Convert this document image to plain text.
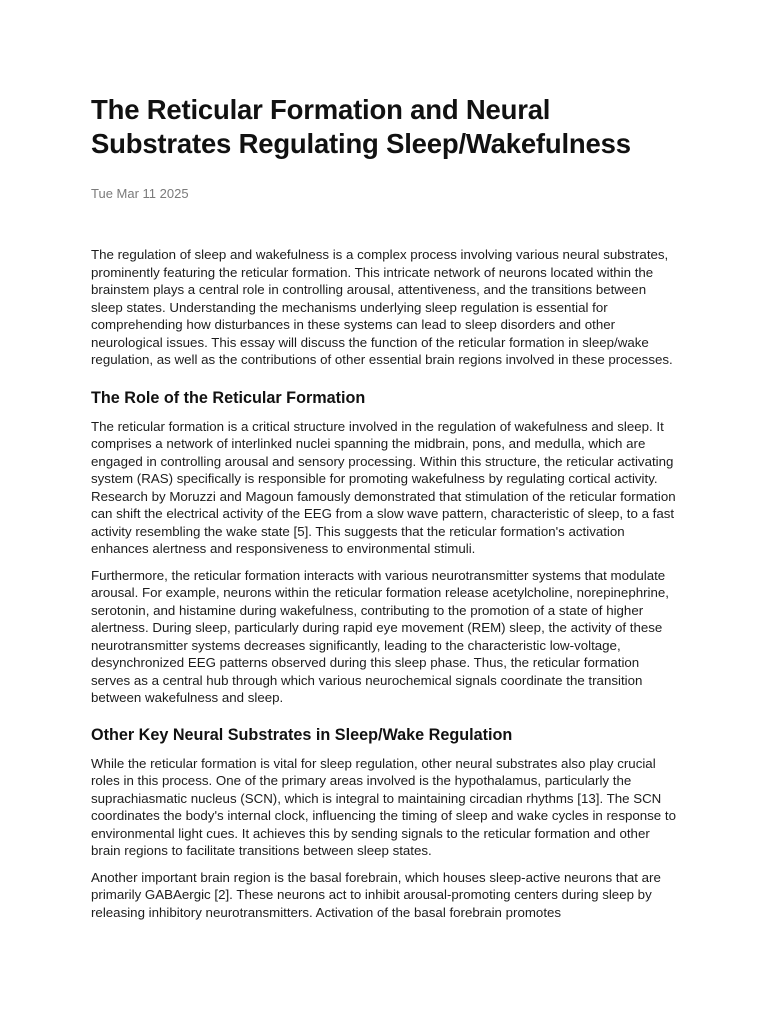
The Reticular Formation and Neural Substrates Regulating Sleep/Wakefulness
Tue Mar 11 2025

The regulation of sleep and wakefulness is a complex process involving various neural substrates, prominently featuring the reticular formation. This intricate network of neurons located within the brainstem plays a central role in controlling arousal, attentiveness, and the transitions between sleep states. Understanding the mechanisms underlying sleep regulation is essential for comprehending how disturbances in these systems can lead to sleep disorders and other neurological issues. This essay will discuss the function of the reticular formation in sleep/wake regulation, as well as the contributions of other essential brain regions involved in these processes.

The Role of the Reticular Formation

The reticular formation is a critical structure involved in the regulation of wakefulness and sleep. It comprises a network of interlinked nuclei spanning the midbrain, pons, and medulla, which are engaged in controlling arousal and sensory processing. Within this structure, the reticular activating system (RAS) specifically is responsible for promoting wakefulness by regulating cortical activity. Research by Moruzzi and Magoun famously demonstrated that stimulation of the reticular formation can shift the electrical activity of the EEG from a slow wave pattern, characteristic of sleep, to a fast activity resembling the wake state [5]. This suggests that the reticular formation's activation enhances alertness and responsiveness to environmental stimuli.

Furthermore, the reticular formation interacts with various neurotransmitter systems that modulate arousal. For example, neurons within the reticular formation release acetylcholine, norepinephrine, serotonin, and histamine during wakefulness, contributing to the promotion of a state of higher alertness. During sleep, particularly during rapid eye movement (REM) sleep, the activity of these neurotransmitter systems decreases significantly, leading to the characteristic low-voltage, desynchronized EEG patterns observed during this sleep phase. Thus, the reticular formation serves as a central hub through which various neurochemical signals coordinate the transition between wakefulness and sleep.

Other Key Neural Substrates in Sleep/Wake Regulation

While the reticular formation is vital for sleep regulation, other neural substrates also play crucial roles in this process. One of the primary areas involved is the hypothalamus, particularly the suprachiasmatic nucleus (SCN), which is integral to maintaining circadian rhythms [13]. The SCN coordinates the body's internal clock, influencing the timing of sleep and wake cycles in response to environmental light cues. It achieves this by sending signals to the reticular formation and other brain regions to facilitate transitions between sleep states.

Another important brain region is the basal forebrain, which houses sleep-active neurons that are primarily GABAergic [2]. These neurons act to inhibit arousal-promoting centers during sleep by releasing inhibitory neurotransmitters. Activation of the basal forebrain promotes
